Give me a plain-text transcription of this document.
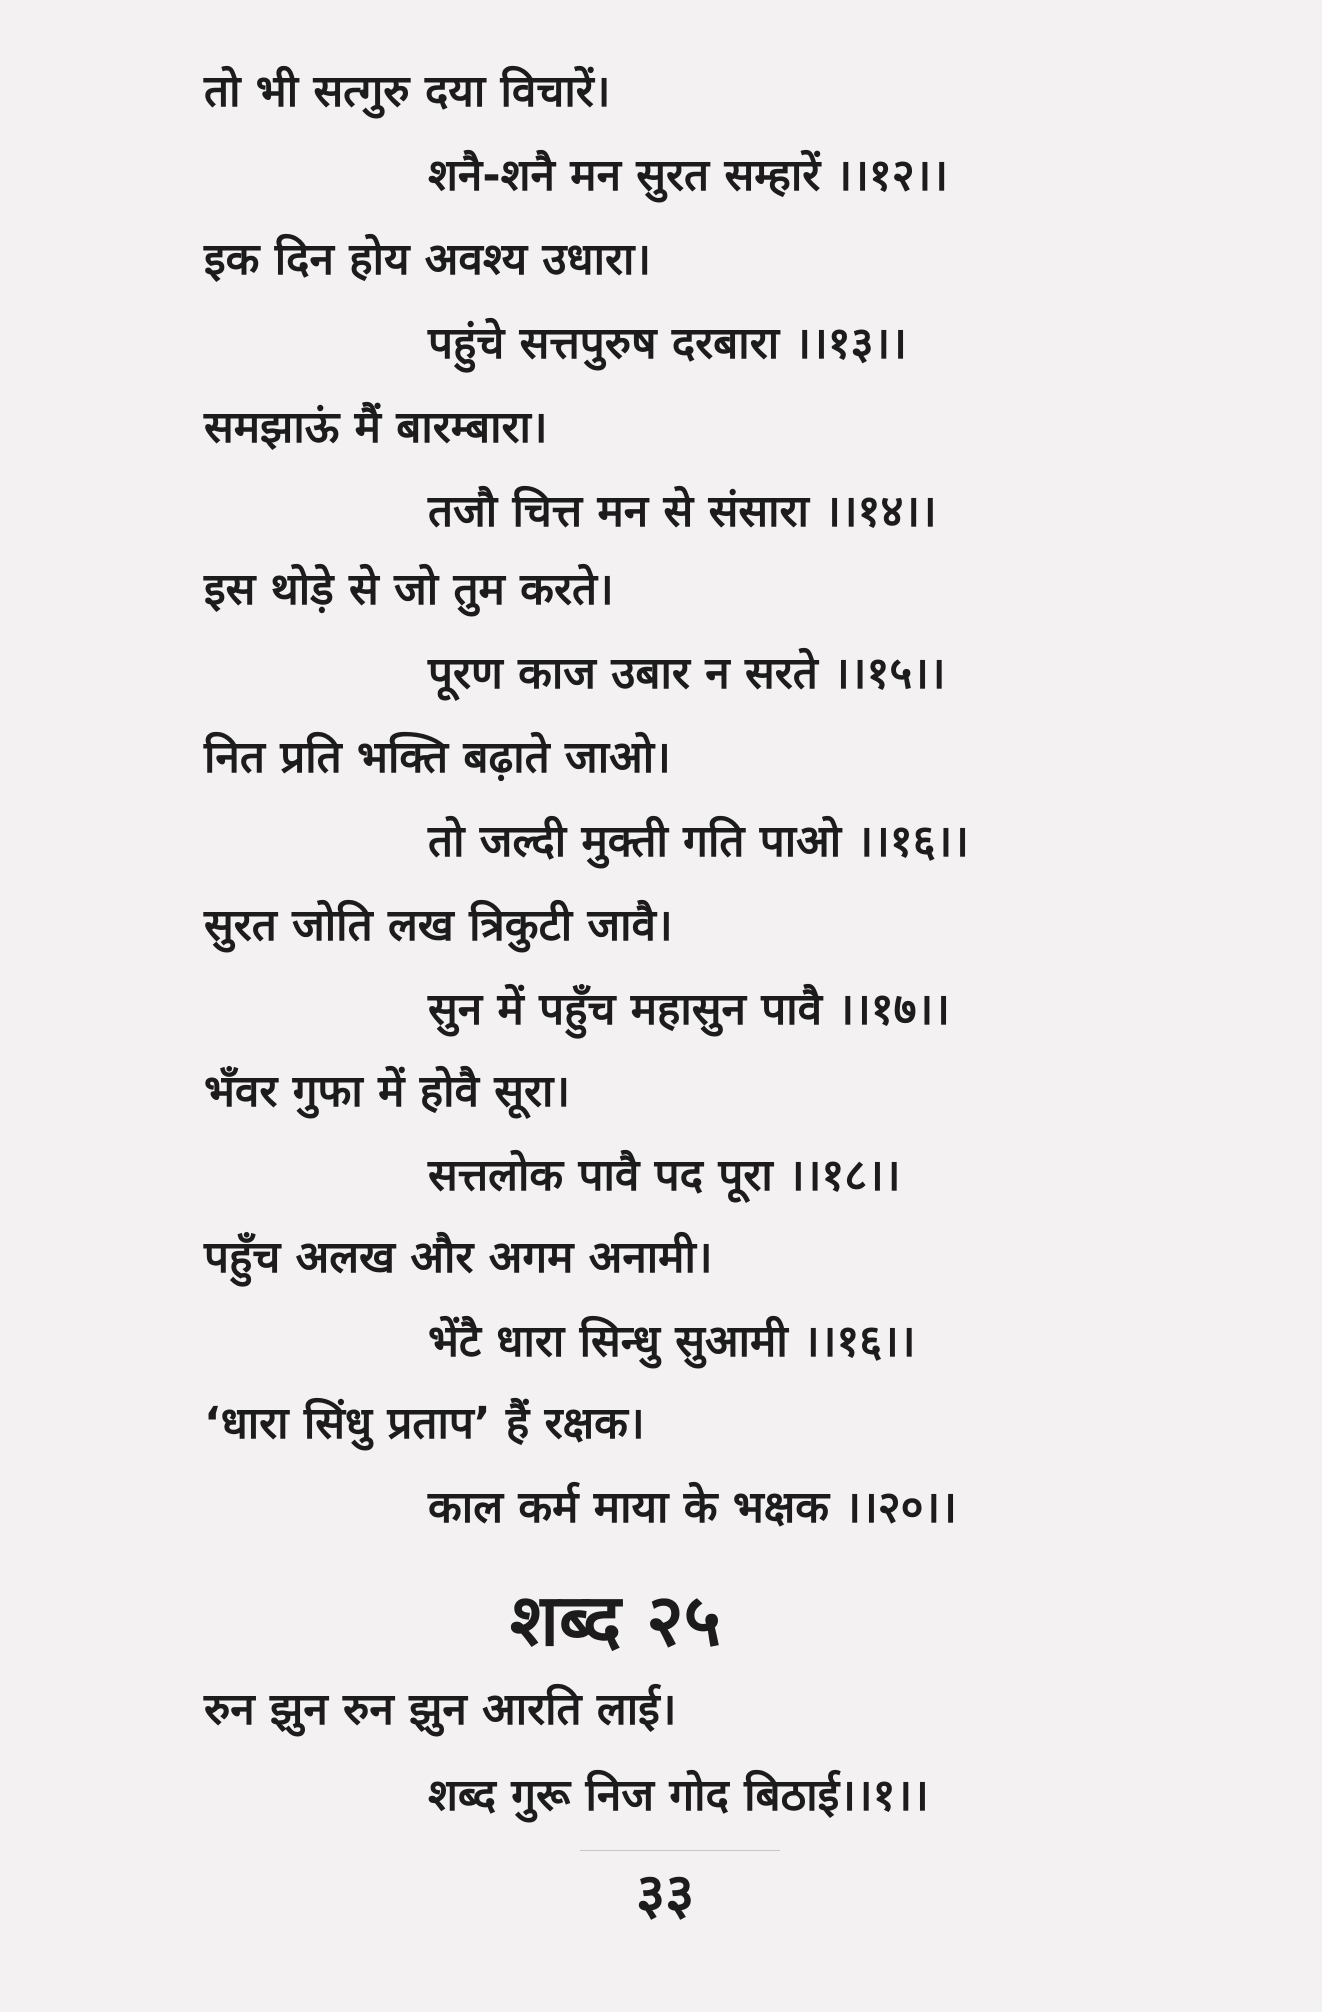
तो भी सत्गुरु दया विचारें।
शनै-शनै मन सुरत सम्हारें ।।१२।।
इक दिन होय अवश्य उधारा।
पहुंचे सत्तपुरुष दरबारा ।।१३।।
समझाऊं मैं बारम्बारा।
तजौ चित्त मन से संसारा ।।१४।।
इस थोड़े से जो तुम करते।
पूरण काज उबार न सरते ।।१५।।
नित प्रति भक्ति बढ़ाते जाओ।
तो जल्दी मुक्ती गति पाओ ।।१६।।
सुरत जोति लख त्रिकुटी जावै।
सुन में पहुँच महासुन पावै ।।१७।।
भँवर गुफा में होवै सूरा।
सत्तलोक पावै पद पूरा ।।१८।।
पहुँच अलख और अगम अनामी।
भेंटै धारा सिन्धु सुआमी ।।१६।।
‘धारा सिंधु प्रताप’ हैं रक्षक।
काल कर्म माया के भक्षक ।।२०।।
शब्द २५
रुन झुन रुन झुन आरति लाई।
शब्द गुरू निज गोद बिठाई।।१।।
३३
